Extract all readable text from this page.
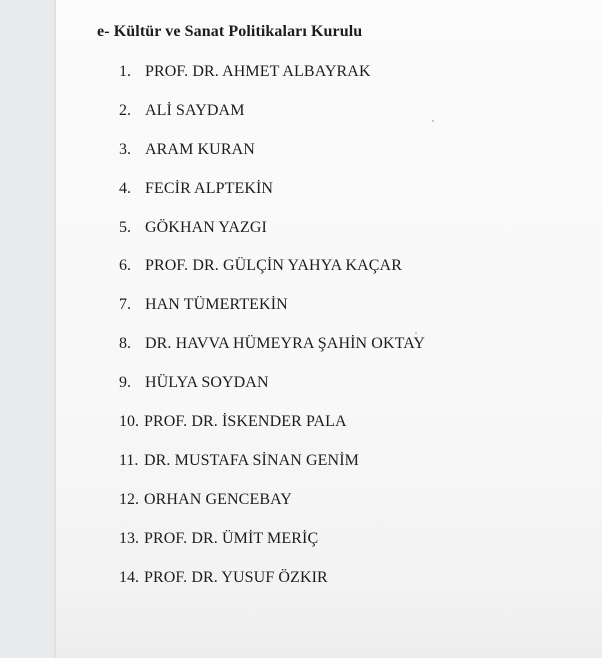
e- Kültür ve Sanat Politikaları Kurulu
1. PROF. DR. AHMET ALBAYRAK
2. ALİ SAYDAM
3. ARAM KURAN
4. FECİR ALPTEKİN
5. GÖKHAN YAZGI
6. PROF. DR. GÜLÇİN YAHYA KAÇAR
7. HAN TÜMERTEKİN
8. DR. HAVVA HÜMEYRA ŞAHİN OKTAY
9. HÜLYA SOYDAN
10. PROF. DR. İSKENDER PALA
11. DR. MUSTAFA SİNAN GENİM
12. ORHAN GENCEBAY
13. PROF. DR. ÜMİT MERİÇ
14. PROF. DR. YUSUF ÖZKIR
